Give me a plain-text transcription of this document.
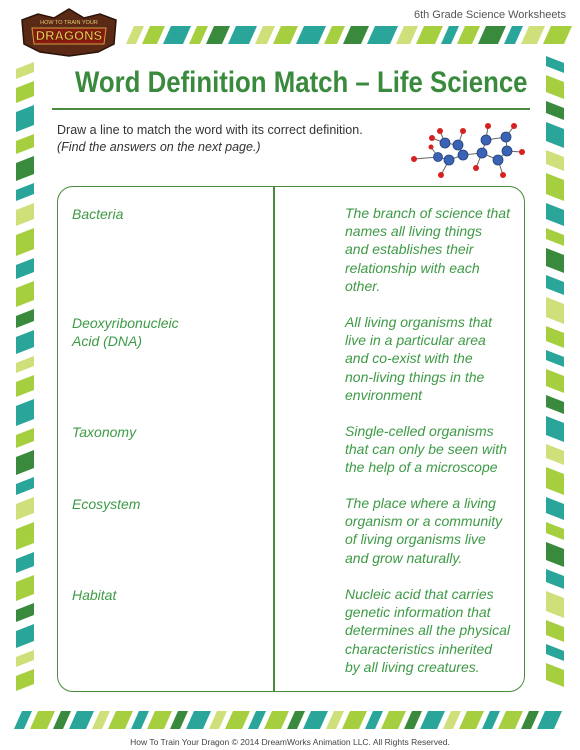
HOW TO TRAIN YOUR
DRAGONS
6th Grade Science Worksheets
Word Definition Match – Life Science
Draw a line to match the word with its correct definition.
(Find the answers on the next page.)
Bacteria
Deoxyribonucleic
Acid (DNA)
Taxonomy
Ecosystem
Habitat
The branch of science that
names all living things
and establishes their
relationship with each
other.
All living organisms that
live in a particular area
and co-exist with the
non-living things in the
environment
Single-celled organisms
that can only be seen with
the help of a microscope
The place where a living
organism or a community
of living organisms live
and grow naturally.
Nucleic acid that carries
genetic information that
determines all the physical
characteristics inherited
by all living creatures.
How To Train Your Dragon © 2014 DreamWorks Animation LLC. All Rights Reserved.
